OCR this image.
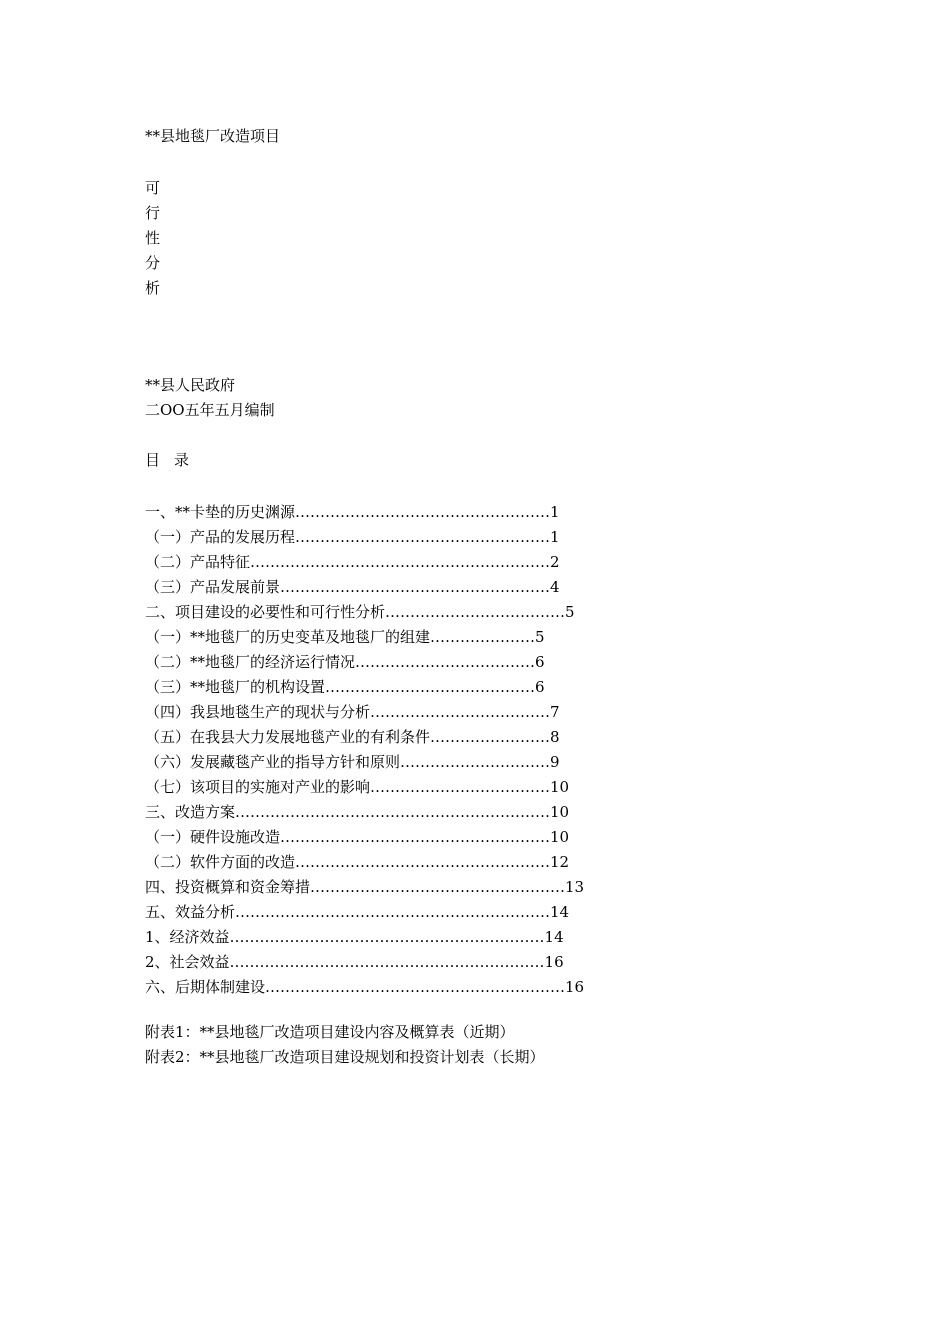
**县地毯厂改造项目
可
行
性
分
析
**县人民政府
二OO五年五月编制
目 录
一、**卡垫的历史渊源……………………………………………1
（一）产品的发展历程……………………………………………1
（二）产品特征……………………………………………………2
（三）产品发展前景………………………………………………4
二、项目建设的必要性和可行性分析………………………………5
（一）**地毯厂的历史变革及地毯厂的组建…………………5
（二）**地毯厂的经济运行情况………………………………6
（三）**地毯厂的机构设置……………………………………6
（四）我县地毯生产的现状与分析………………………………7
（五）在我县大力发展地毯产业的有利条件……………………8
（六）发展藏毯产业的指导方针和原则…………………………9
（七）该项目的实施对产业的影响………………………………10
三、改造方案………………………………………………………10
（一）硬件设施改造………………………………………………10
（二）软件方面的改造……………………………………………12
四、投资概算和资金筹措……………………………………………13
五、效益分析………………………………………………………14
1、经济效益………………………………………………………14
2、社会效益………………………………………………………16
六、后期体制建设……………………………………………………16
附表1：**县地毯厂改造项目建设内容及概算表（近期）
附表2：**县地毯厂改造项目建设规划和投资计划表（长期）
